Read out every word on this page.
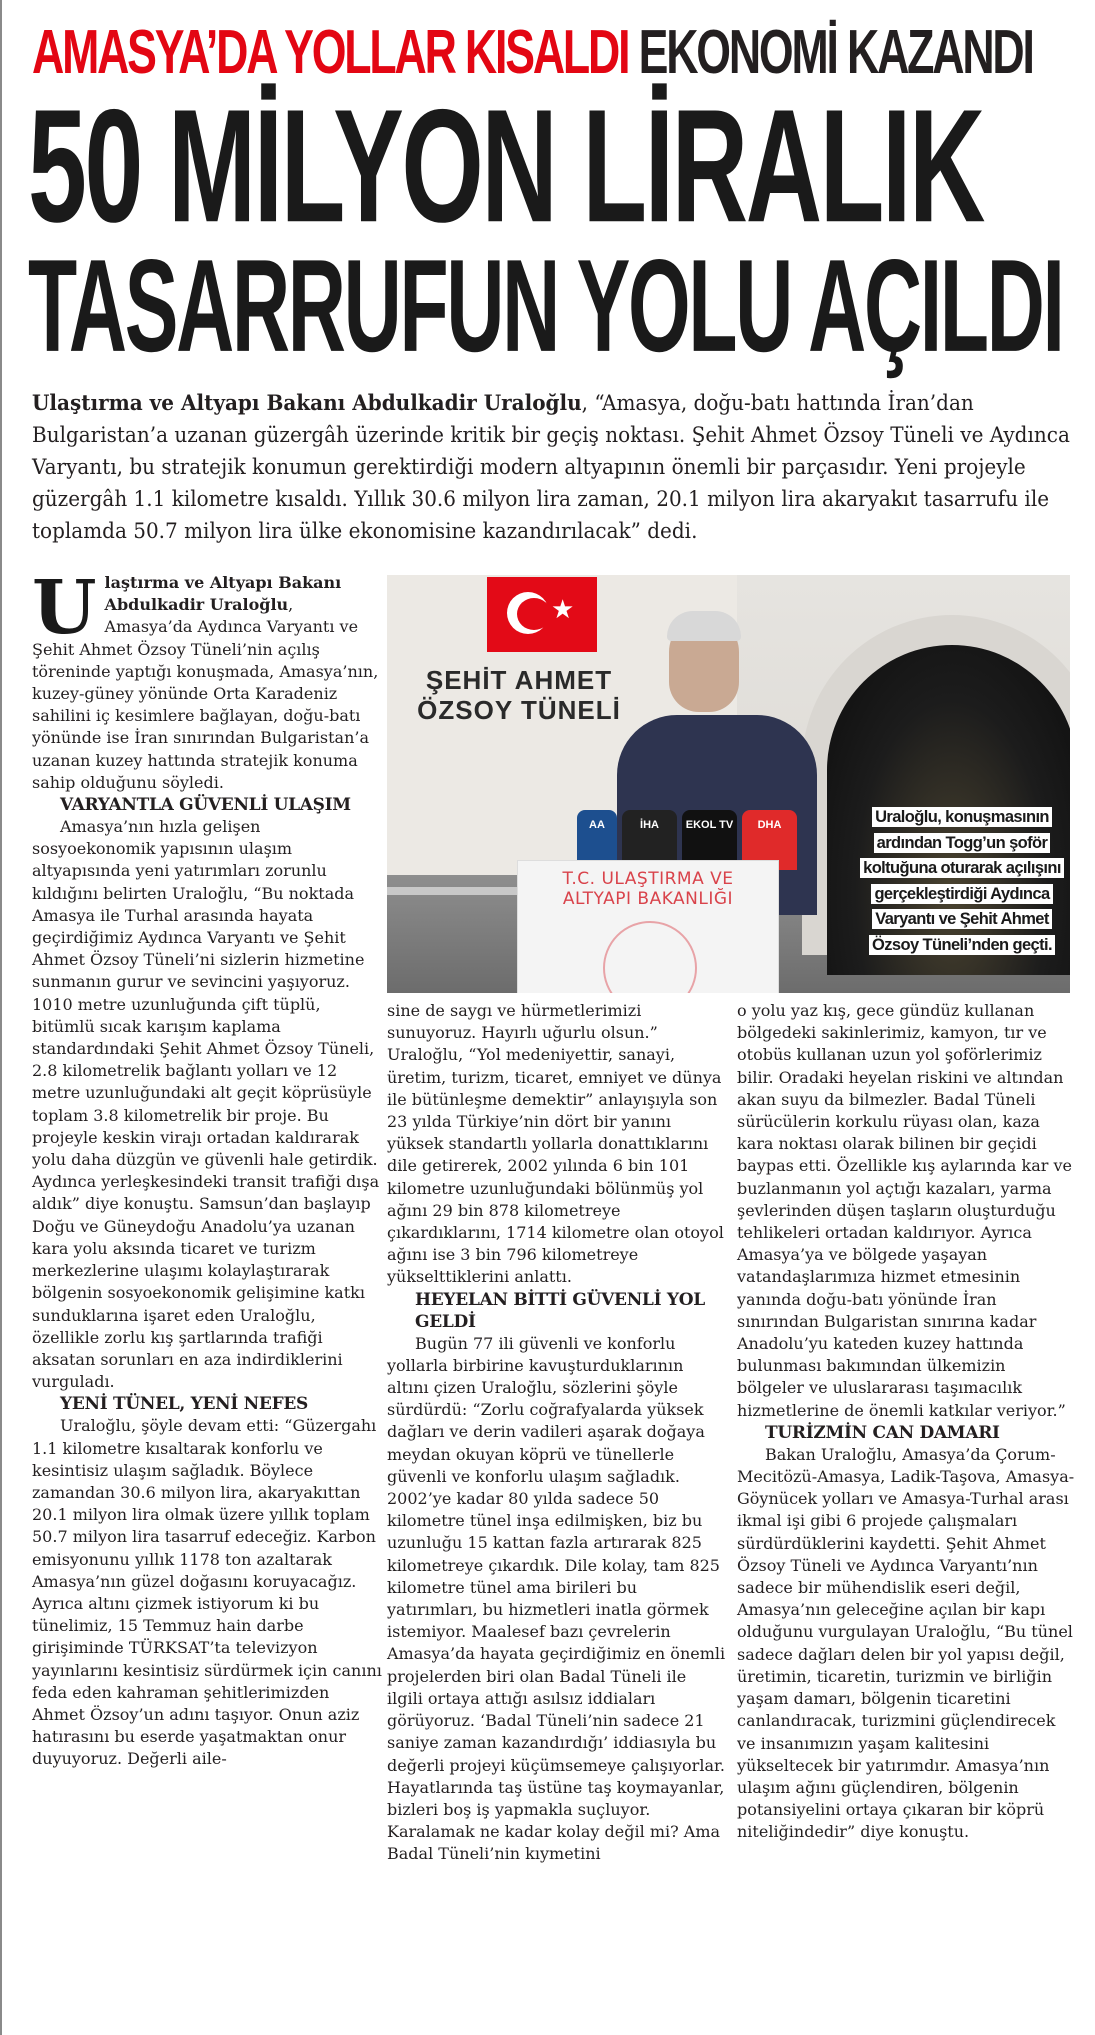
AMASYA’DA YOLLAR KISALDI EKONOMİ KAZANDI
50 MİLYON LİRALIK
TASARRUFUN YOLU AÇILDI
Ulaştırma ve Altyapı Bakanı Abdulkadir Uraloğlu, “Amasya, doğu-batı hattında İran’dan Bulgaristan’a uzanan güzergâh üzerinde kritik bir geçiş noktası. Şehit Ahmet Özsoy Tüneli ve Aydınca Varyantı, bu stratejik konumun gerektirdiği modern altyapının önemli bir parçasıdır. Yeni projeyle güzergâh 1.1 kilometre kısaldı. Yıllık 30.6 milyon lira zaman, 20.1 milyon lira akaryakıt tasarrufu ile toplamda 50.7 milyon lira ülke ekonomisine kazandırılacak” dedi.

Ulaştırma ve Altyapı Bakanı Abdulkadir Uraloğlu, Amasya’da Aydınca Varyantı ve Şehit Ahmet Özsoy Tüneli’nin açılış töreninde yaptığı konuşmada, Amasya’nın, kuzey-güney yönünde Orta Karadeniz sahilini iç kesimlere bağlayan, doğu-batı yönünde ise İran sınırından Bulgaristan’a uzanan kuzey hattında stratejik konuma sahip olduğunu söyledi.

VARYANTLA GÜVENLİ ULAŞIM

Amasya’nın hızla gelişen sosyoekonomik yapısının ulaşım altyapısında yeni yatırımları zorunlu kıldığını belirten Uraloğlu, “Bu noktada Amasya ile Turhal arasında hayata geçirdiğimiz Aydınca Varyantı ve Şehit Ahmet Özsoy Tüneli’ni sizlerin hizmetine sunmanın gurur ve sevincini yaşıyoruz. 1010 metre uzunluğunda çift tüplü, bitümlü sıcak karışım kaplama standardındaki Şehit Ahmet Özsoy Tüneli, 2.8 kilometrelik bağlantı yolları ve 12 metre uzunluğundaki alt geçit köprüsüyle toplam 3.8 kilometrelik bir proje. Bu projeyle keskin virajı ortadan kaldırarak yolu daha düzgün ve güvenli hale getirdik. Aydınca yerleşkesindeki transit trafiği dışa aldık” diye konuştu. Samsun’dan başlayıp Doğu ve Güneydoğu Anadolu’ya uzanan kara yolu aksında ticaret ve turizm merkezlerine ulaşımı kolaylaştırarak bölgenin sosyoekonomik gelişimine katkı sunduklarına işaret eden Uraloğlu, özellikle zorlu kış şartlarında trafiği aksatan sorunları en aza indirdiklerini vurguladı.

YENİ TÜNEL, YENİ NEFES

Uraloğlu, şöyle devam etti: “Güzergahı 1.1 kilometre kısaltarak konforlu ve kesintisiz ulaşım sağladık. Böylece zamandan 30.6 milyon lira, akaryakıttan 20.1 milyon lira olmak üzere yıllık toplam 50.7 milyon lira tasarruf edeceğiz. Karbon emisyonunu yıllık 1178 ton azaltarak Amasya’nın güzel doğasını koruyacağız. Ayrıca altını çizmek istiyorum ki bu tünelimiz, 15 Temmuz hain darbe girişiminde TÜRKSAT’ta televizyon yayınlarını kesintisiz sürdürmek için canını feda eden kahraman şehitlerimizden Ahmet Özsoy’un adını taşıyor. Onun aziz hatırasını bu eserde yaşatmaktan onur duyuyoruz. Değerli aile-

★
ŞEHİT AHMET ÖZSOY TÜNELİ
AA	İHA	EKOL TV	DHA
T.C. ULAŞTIRMA VE ALTYAPI BAKANLIĞI
Uraloğlu, konuşmasının ardından Togg’un şoför koltuğuna oturarak açılışını gerçekleştirdiği Aydınca Varyantı ve Şehit Ahmet Özsoy Tüneli’nden geçti.

sine de saygı ve hürmetlerimizi sunuyoruz. Hayırlı uğurlu olsun.” Uraloğlu, “Yol medeniyettir, sanayi, üretim, turizm, ticaret, emniyet ve dünya ile bütünleşme demektir” anlayışıyla son 23 yılda Türkiye’nin dört bir yanını yüksek standartlı yollarla donattıklarını dile getirerek, 2002 yılında 6 bin 101 kilometre uzunluğundaki bölünmüş yol ağını 29 bin 878 kilometreye çıkardıklarını, 1714 kilometre olan otoyol ağını ise 3 bin 796 kilometreye yükselttiklerini anlattı.

HEYELAN BİTTİ GÜVENLİ YOL GELDİ

Bugün 77 ili güvenli ve konforlu yollarla birbirine kavuşturduklarının altını çizen Uraloğlu, sözlerini şöyle sürdürdü: “Zorlu coğrafyalarda yüksek dağları ve derin vadileri aşarak doğaya meydan okuyan köprü ve tünellerle güvenli ve konforlu ulaşım sağladık. 2002’ye kadar 80 yılda sadece 50 kilometre tünel inşa edilmişken, biz bu uzunluğu 15 kattan fazla artırarak 825 kilometreye çıkardık. Dile kolay, tam 825 kilometre tünel ama birileri bu yatırımları, bu hizmetleri inatla görmek istemiyor. Maalesef bazı çevrelerin Amasya’da hayata geçirdiğimiz en önemli projelerden biri olan Badal Tüneli ile ilgili ortaya attığı asılsız iddiaları görüyoruz. ‘Badal Tüneli’nin sadece 21 saniye zaman kazandırdığı’ iddiasıyla bu değerli projeyi küçümsemeye çalışıyorlar. Hayatlarında taş üstüne taş koymayanlar, bizleri boş iş yapmakla suçluyor. Karalamak ne kadar kolay değil mi? Ama Badal Tüneli’nin kıymetini

o yolu yaz kış, gece gündüz kullanan bölgedeki sakinlerimiz, kamyon, tır ve otobüs kullanan uzun yol şoförlerimiz bilir. Oradaki heyelan riskini ve altından akan suyu da bilmezler. Badal Tüneli sürücülerin korkulu rüyası olan, kaza kara noktası olarak bilinen bir geçidi baypas etti. Özellikle kış aylarında kar ve buzlanmanın yol açtığı kazaları, yarma şevlerinden düşen taşların oluşturduğu tehlikeleri ortadan kaldırıyor. Ayrıca Amasya’ya ve bölgede yaşayan vatandaşlarımıza hizmet etmesinin yanında doğu-batı yönünde İran sınırından Bulgaristan sınırına kadar Anadolu’yu kateden kuzey hattında bulunması bakımından ülkemizin bölgeler ve uluslararası taşımacılık hizmetlerine de önemli katkılar veriyor.”

TURİZMİN CAN DAMARI

Bakan Uraloğlu, Amasya’da Çorum-Mecitözü-Amasya, Ladik-Taşova, Amasya-Göynücek yolları ve Amasya-Turhal arası ikmal işi gibi 6 projede çalışmaları sürdürdüklerini kaydetti. Şehit Ahmet Özsoy Tüneli ve Aydınca Varyantı’nın sadece bir mühendislik eseri değil, Amasya’nın geleceğine açılan bir kapı olduğunu vurgulayan Uraloğlu, “Bu tünel sadece dağları delen bir yol yapısı değil, üretimin, ticaretin, turizmin ve birliğin yaşam damarı, bölgenin ticaretini canlandıracak, turizmini güçlendirecek ve insanımızın yaşam kalitesini yükseltecek bir yatırımdır. Amasya’nın ulaşım ağını güçlendiren, bölgenin potansiyelini ortaya çıkaran bir köprü niteliğindedir” diye konuştu.
